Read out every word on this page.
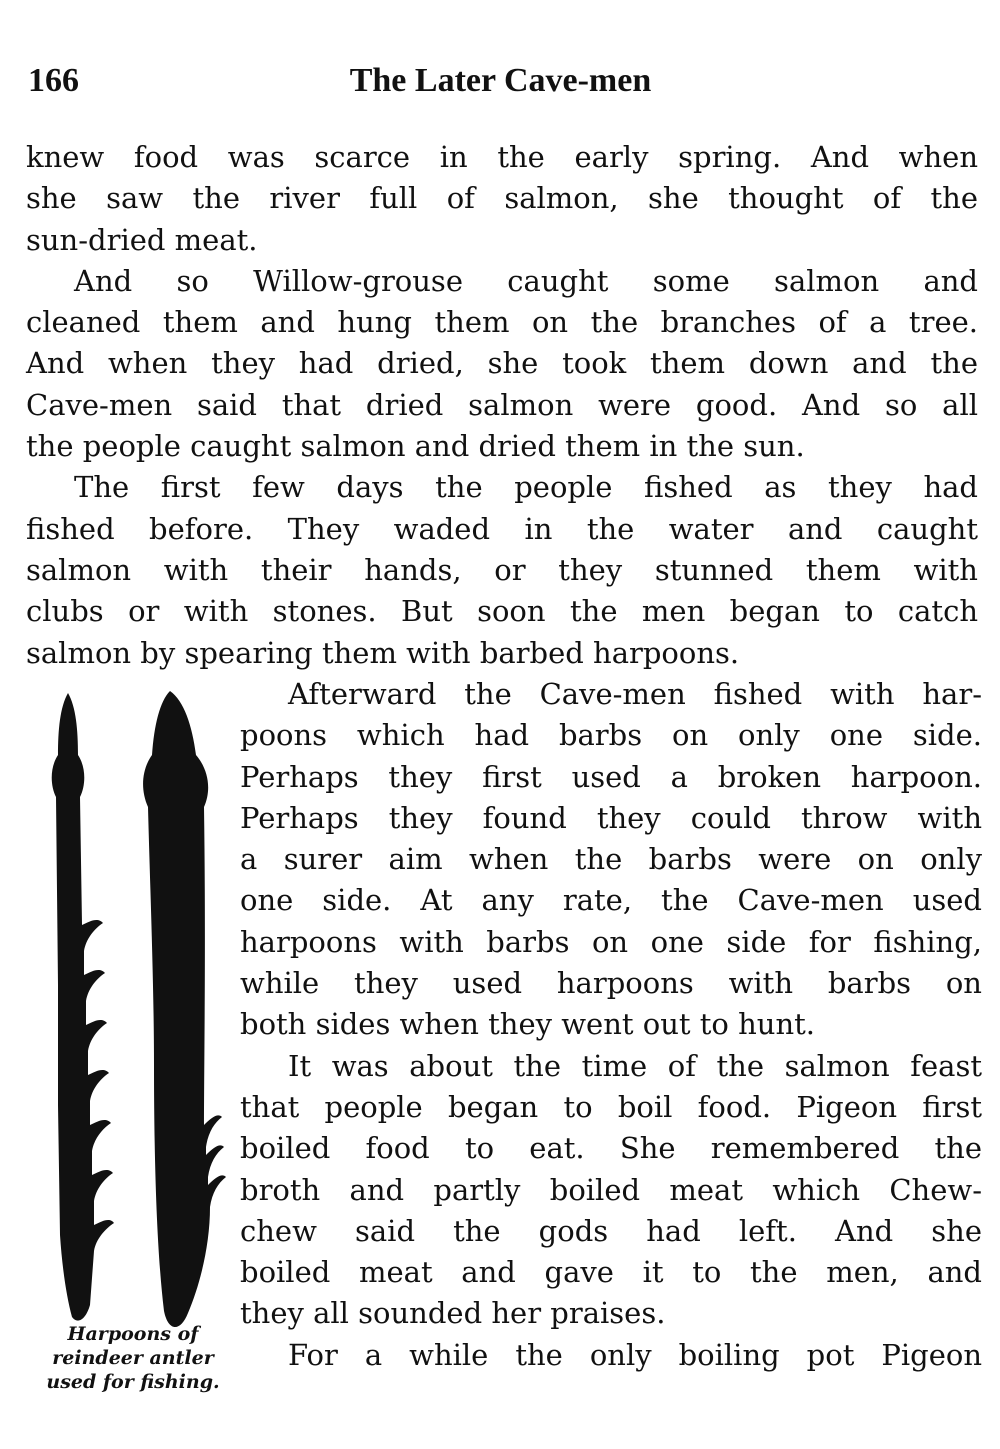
166	The Later Cave-men

knew food was scarce in the early spring. And when
she saw the river full of salmon, she thought of the
sun-dried meat.

And so Willow-grouse caught some salmon and
cleaned them and hung them on the branches of a tree.
And when they had dried, she took them down and the
Cave-men said that dried salmon were good. And so all
the people caught salmon and dried them in the sun.

The first few days the people fished as they had
fished before. They waded in the water and caught
salmon with their hands, or they stunned them with
clubs or with stones. But soon the men began to catch
salmon by spearing them with barbed harpoons.

Harpoons of
reindeer antler
used for fishing.

Afterward the Cave-men fished with har-
poons which had barbs on only one side.
Perhaps they first used a broken harpoon.
Perhaps they found they could throw with
a surer aim when the barbs were on only
one side. At any rate, the Cave-men used
harpoons with barbs on one side for fishing,
while they used harpoons with barbs on
both sides when they went out to hunt.

It was about the time of the salmon feast
that people began to boil food. Pigeon first
boiled food to eat. She remembered the
broth and partly boiled meat which Chew-
chew said the gods had left. And she
boiled meat and gave it to the men, and
they all sounded her praises.

For a while the only boiling pot Pigeon
